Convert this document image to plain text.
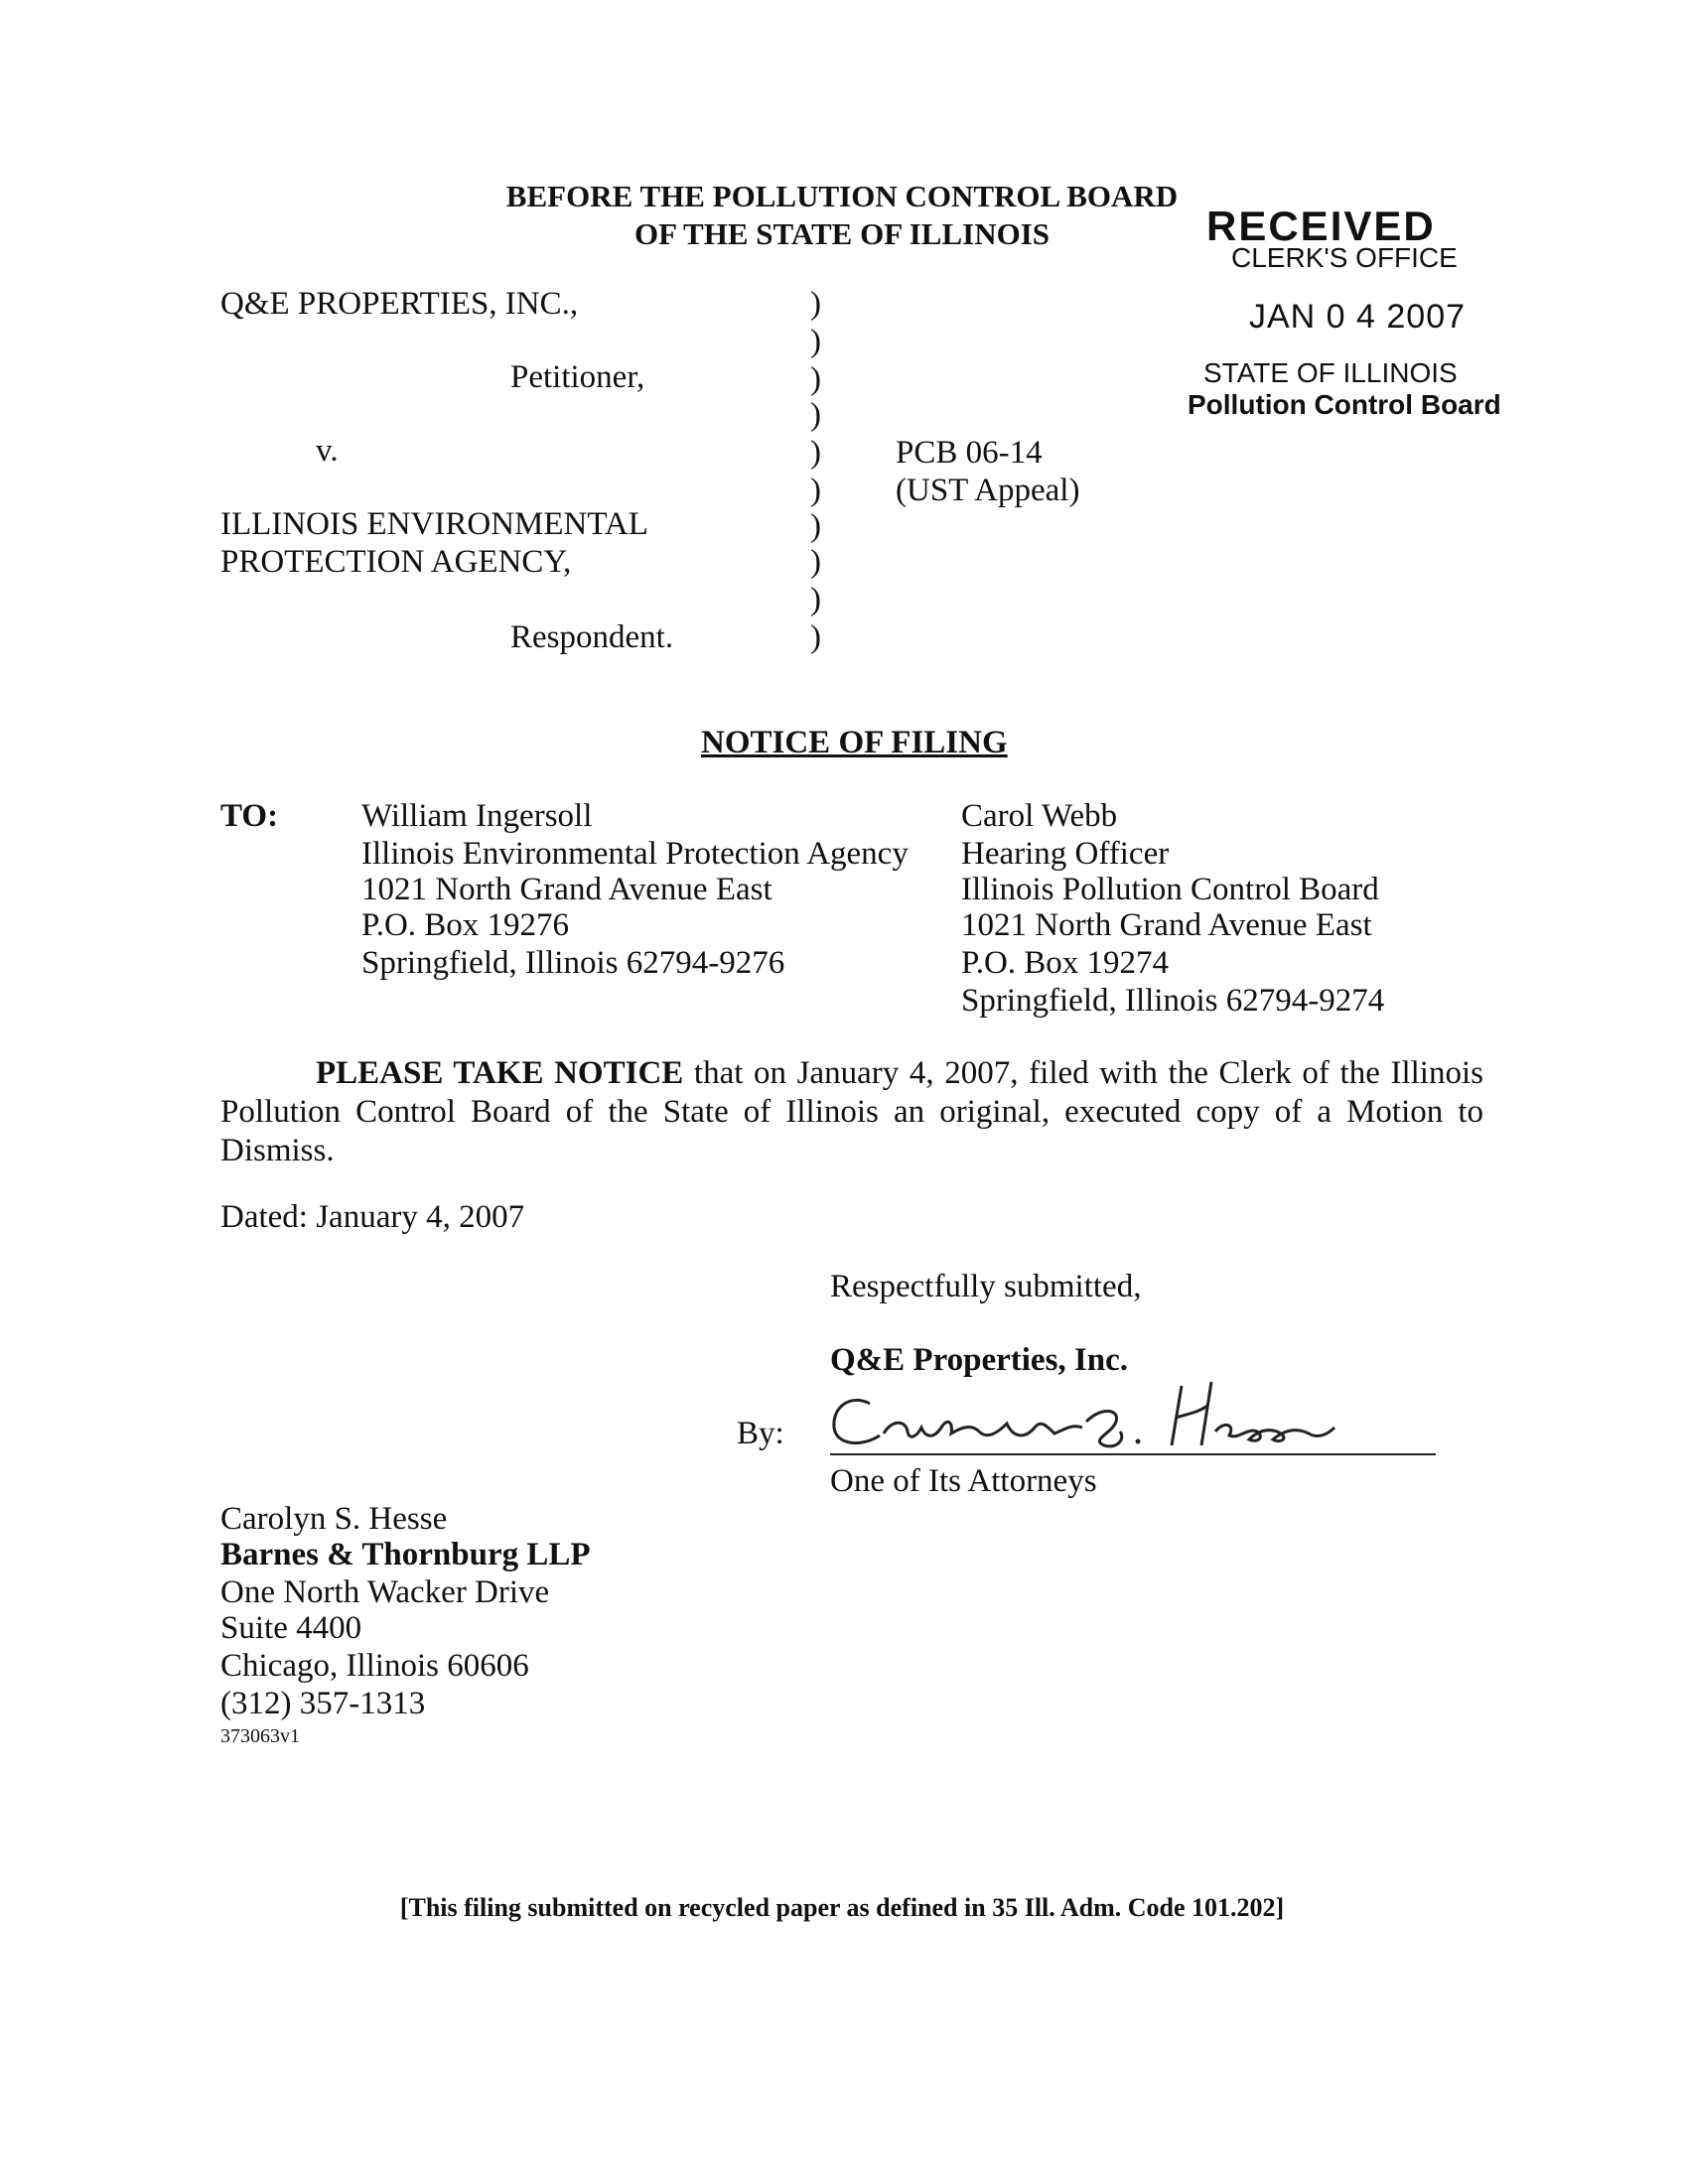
BEFORE THE POLLUTION CONTROL BOARD
OF THE STATE OF ILLINOIS	RECEIVED
CLERK'S OFFICE
JAN 0 4 2007
STATE OF ILLINOIS
Pollution Control Board
Q&E PROPERTIES, INC.,
Petitioner,
v.
ILLINOIS ENVIRONMENTAL
PROTECTION AGENCY,
Respondent.
)
)
)
)
)
)
)
)
)
)
PCB 06-14
(UST Appeal)
NOTICE OF FILING
TO:	William Ingersoll
Illinois Environmental Protection Agency
1021 North Grand Avenue East
P.O. Box 19276
Springfield, Illinois 62794-9276
Carol Webb
Hearing Officer
Illinois Pollution Control Board
1021 North Grand Avenue East
P.O. Box 19274
Springfield, Illinois 62794-9274
PLEASE TAKE NOTICE that on January 4, 2007, filed with the Clerk of the Illinois Pollution Control Board of the State of Illinois an original, executed copy of a Motion to Dismiss.
Dated: January 4, 2007
Respectfully submitted,
Q&E Properties, Inc.
By:
One of Its Attorneys
Carolyn S. Hesse
Barnes & Thornburg LLP
One North Wacker Drive
Suite 4400
Chicago, Illinois 60606
(312) 357-1313
373063v1
[This filing submitted on recycled paper as defined in 35 Ill. Adm. Code 101.202]
